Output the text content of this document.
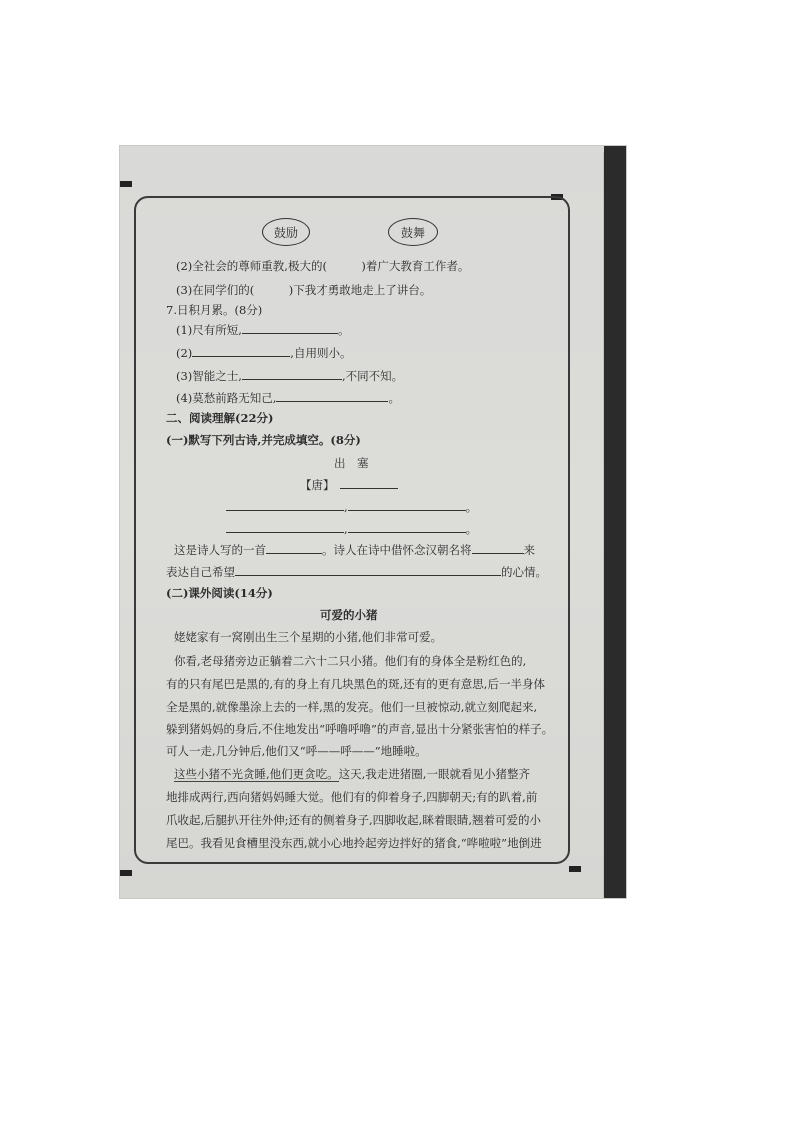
鼓励	鼓舞
(2)全社会的尊师重教,极大的(　　　)着广大教育工作者。
(3)在同学们的(　　　)下我才勇敢地走上了讲台。
7.日积月累。(8分)
(1)尺有所短,	。
(2)	,自用则小。
(3)智能之士,	,不同不知。
(4)莫愁前路无知己,	。
二、阅读理解(22分)
(一)默写下列古诗,并完成填空。(8分)
出　塞
【唐】　
,	。
,	。
这是诗人写的一首	。诗人在诗中借怀念汉朝名将	来
表达自己希望	的心情。
(二)课外阅读(14分)
可爱的小猪
姥姥家有一窝刚出生三个星期的小猪,他们非常可爱。
你看,老母猪旁边正躺着二六十二只小猪。他们有的身体全是粉红色的,
有的只有尾巴是黑的,有的身上有几块黑色的斑,还有的更有意思,后一半身体
全是黑的,就像墨涂上去的一样,黑的发亮。他们一旦被惊动,就立刻爬起来,
躲到猪妈妈的身后,不住地发出“呼噜呼噜”的声音,显出十分紧张害怕的样子。
可人一走,几分钟后,他们又“呼——呼——”地睡啦。
这些小猪不光贪睡,他们更贪吃。这天,我走进猪圈,一眼就看见小猪整齐
地排成两行,西向猪妈妈睡大觉。他们有的仰着身子,四脚朝天;有的趴着,前
爪收起,后腿扒开往外伸;还有的侧着身子,四脚收起,眯着眼睛,翘着可爱的小
尾巴。我看见食槽里没东西,就小心地拎起旁边拌好的猪食,“哗啦啦”地倒进
